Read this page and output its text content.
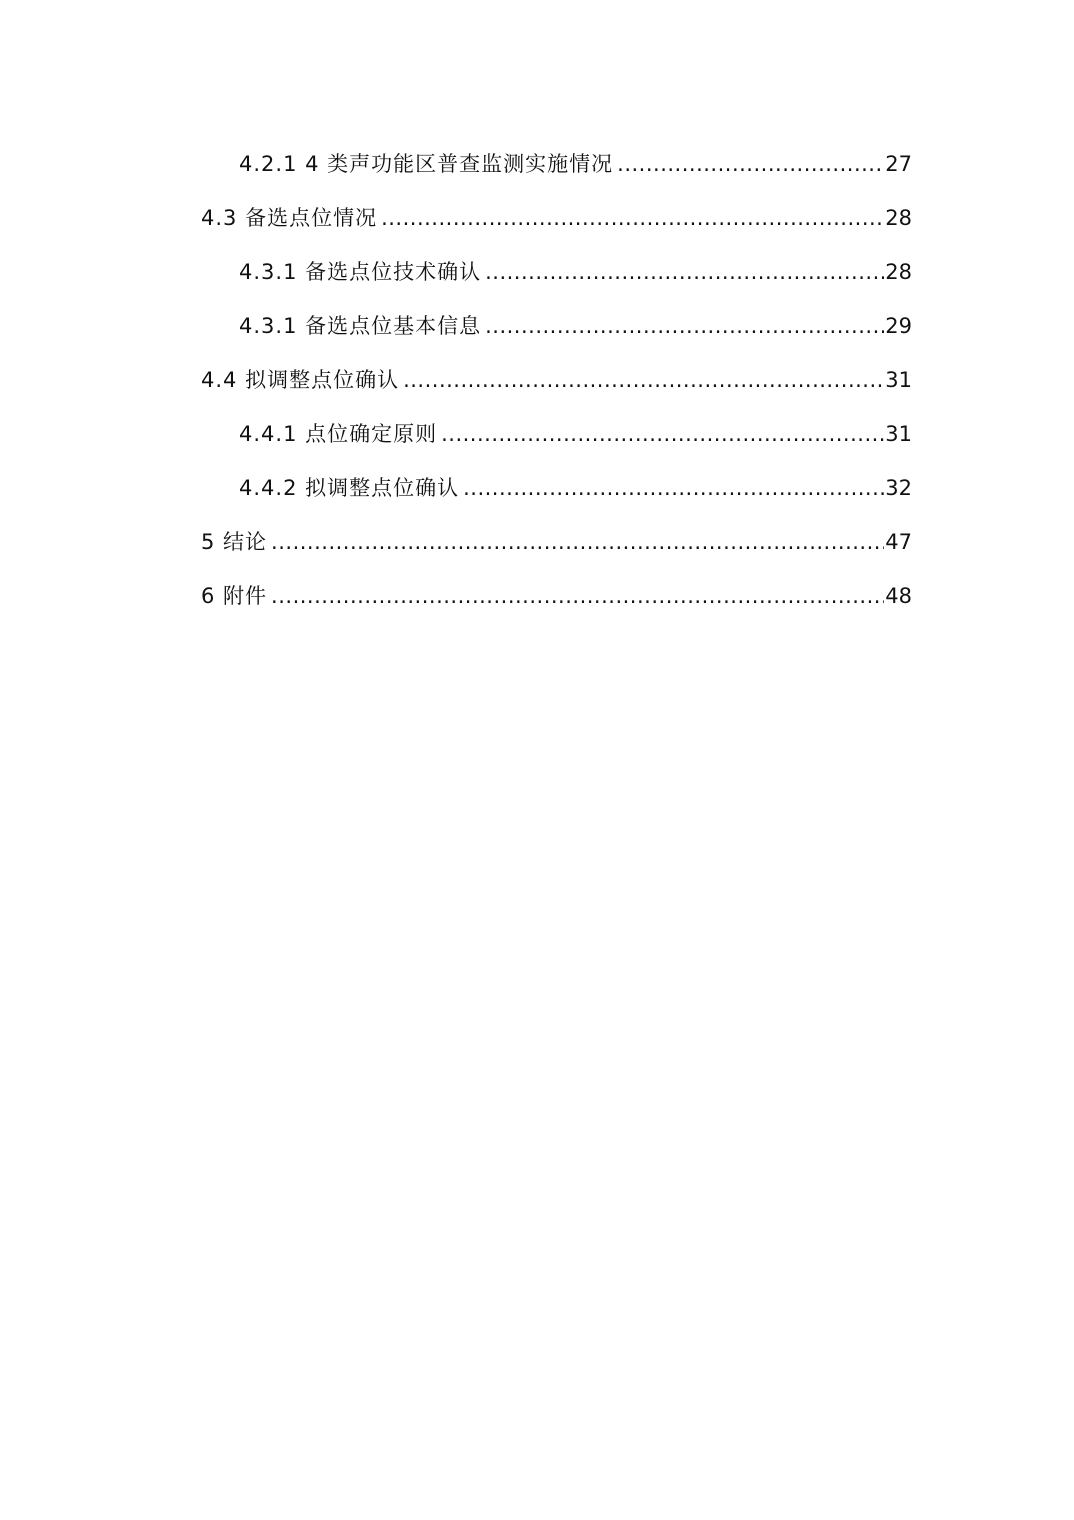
4.2.1 4 类声功能区普查监测实施情况 .....	27
4.3 备选点位情况 .....	28
4.3.1 备选点位技术确认 .....	28
4.3.1 备选点位基本信息 .....	29
4.4 拟调整点位确认 .....	31
4.4.1 点位确定原则 .....	31
4.4.2 拟调整点位确认 .....	32
5 结论 .....	47
6 附件 .....	48
